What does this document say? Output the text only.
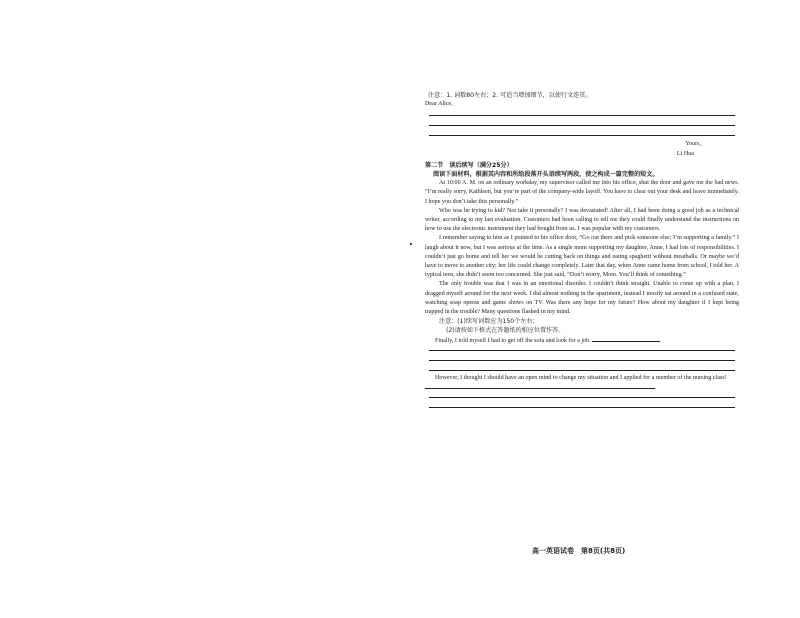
注意：1. 词数80左右；2. 可适当增加细节，以使行文连贯。
Dear Alice,
Yours,
Li Hua
第二节　读后续写（满分25分）
阅读下面材料，根据其内容和所给段落开头语续写两段，使之构成一篇完整的短文。
At 10:00 A. M. on an ordinary workday, my supervisor called me into his office, shut the door and gave me the bad news. “I’m really sorry, Kathleen, but you’re part of the company-wide layoff. You have to clear out your desk and leave immediately. I hope you don’t take this personally.”
Who was he trying to kid? Not take it personally? I was devastated! After all, I had been doing a good job as a technical writer, according to my last evaluation. Customers had been calling to tell me they could finally understand the instructions on how to use the electronic instrument they had bought from us. I was popular with my customers.
I remember saying to him as I pointed to his office door, “Go out there and pick someone else; I’m supporting a family.” I laugh about it now, but I was serious at the time. As a single mom supporting my daughter, Anne, I had lots of responsibilities. I couldn’t just go home and tell her we would be cutting back on things and eating spaghetti without meatballs. Or maybe we’d have to move to another city; her life could change completely. Later that day, when Anne came home from school, I told her. A typical teen, she didn’t seem too concerned. She just said, “Don’t worry, Mom. You’ll think of something.”
The only trouble was that I was in an emotional disorder. I couldn’t think straight. Unable to come up with a plan, I dragged myself around for the next week. I did almost nothing in the apartment, instead I mostly sat around in a confused state, watching soap operas and game shows on TV. Was there any hope for my future? How about my daughter if I kept being trapped in the trouble? Many questions flashed in my mind.
注意：(1)续写词数应为150个左右；
(2)请按如下格式在答题纸的相应位置作答。
Finally, I told myself I had to get off the sofa and look for a job.
However, I thought I should have an open mind to change my situation and I applied for a member of the nursing class!
高一英语试卷　第8页(共8页)
